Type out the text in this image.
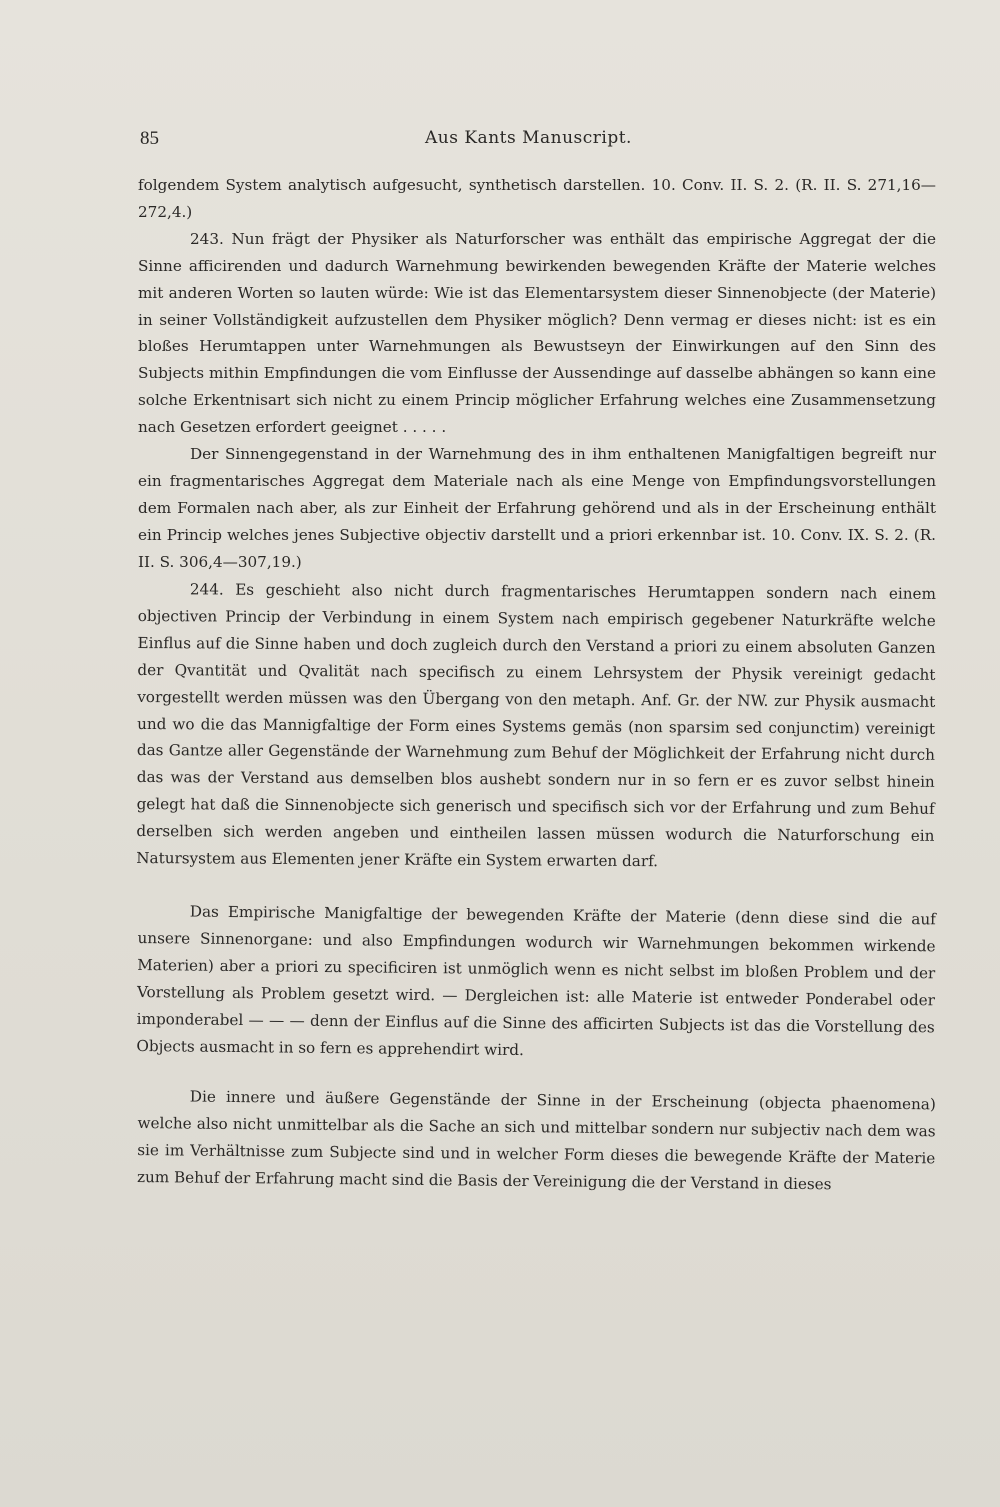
85	Aus Kants Manuscript.

folgendem System analytisch aufgesucht, synthetisch darstellen. 10. Conv. II. S. 2. (R. II. S. 271,16—272,4.)

243. Nun frägt der Physiker als Naturforscher was enthält das empirische Aggregat der die Sinne afficirenden und dadurch Warnehmung bewirkenden bewegenden Kräfte der Materie welches mit anderen Worten so lauten würde: Wie ist das Elementarsystem dieser Sinnenobjecte (der Materie) in seiner Vollständigkeit aufzustellen dem Physiker möglich? Denn vermag er dieses nicht: ist es ein bloßes Herumtappen unter Warnehmungen als Bewustseyn der Einwirkungen auf den Sinn des Subjects mithin Empfindungen die vom Einflusse der Aussendinge auf dasselbe abhängen so kann eine solche Erkentnisart sich nicht zu einem Princip möglicher Erfahrung welches eine Zusammensetzung nach Gesetzen erfordert geeignet . . . . .

Der Sinnengegenstand in der Warnehmung des in ihm enthaltenen Manigfaltigen begreift nur ein fragmentarisches Aggregat dem Materiale nach als eine Menge von Empfindungsvorstellungen dem Formalen nach aber, als zur Einheit der Erfahrung gehörend und als in der Erscheinung enthält ein Princip welches jenes Subjective objectiv darstellt und a priori erkennbar ist. 10. Conv. IX. S. 2. (R. II. S. 306,4—307,19.)

244. Es geschieht also nicht durch fragmentarisches Herumtappen sondern nach einem objectiven Princip der Verbindung in einem System nach empirisch gegebener Naturkräfte welche Einflus auf die Sinne haben und doch zugleich durch den Verstand a priori zu einem absoluten Ganzen der Qvantität und Qvalität nach specifisch zu einem Lehrsystem der Physik vereinigt gedacht vorgestellt werden müssen was den Übergang von den metaph. Anf. Gr. der NW. zur Physik ausmacht und wo die das Mannigfaltige der Form eines Systems gemäs (non sparsim sed conjunctim) vereinigt das Gantze aller Gegenstände der Warnehmung zum Behuf der Möglichkeit der Erfahrung nicht durch das was der Verstand aus demselben blos aushebt sondern nur in so fern er es zuvor selbst hinein gelegt hat daß die Sinnenobjecte sich generisch und specifisch sich vor der Erfahrung und zum Behuf derselben sich werden angeben und eintheilen lassen müssen wodurch die Naturforschung ein Natursystem aus Elementen jener Kräfte ein System erwarten darf.

Das Empirische Manigfaltige der bewegenden Kräfte der Materie (denn diese sind die auf unsere Sinnenorgane: und also Empfindungen wodurch wir Warnehmungen bekommen wirkende Materien) aber a priori zu specificiren ist unmöglich wenn es nicht selbst im bloßen Problem und der Vorstellung als Problem gesetzt wird. — Dergleichen ist: alle Materie ist entweder Ponderabel oder imponderabel — — — denn der Einflus auf die Sinne des afficirten Subjects ist das die Vorstellung des Objects ausmacht in so fern es apprehendirt wird.

Die innere und äußere Gegenstände der Sinne in der Erscheinung (objecta phaenomena) welche also nicht unmittelbar als die Sache an sich und mittelbar sondern nur subjectiv nach dem was sie im Verhältnisse zum Subjecte sind und in welcher Form dieses die bewegende Kräfte der Materie zum Behuf der Erfahrung macht sind die Basis der Vereinigung die der Verstand in dieses
